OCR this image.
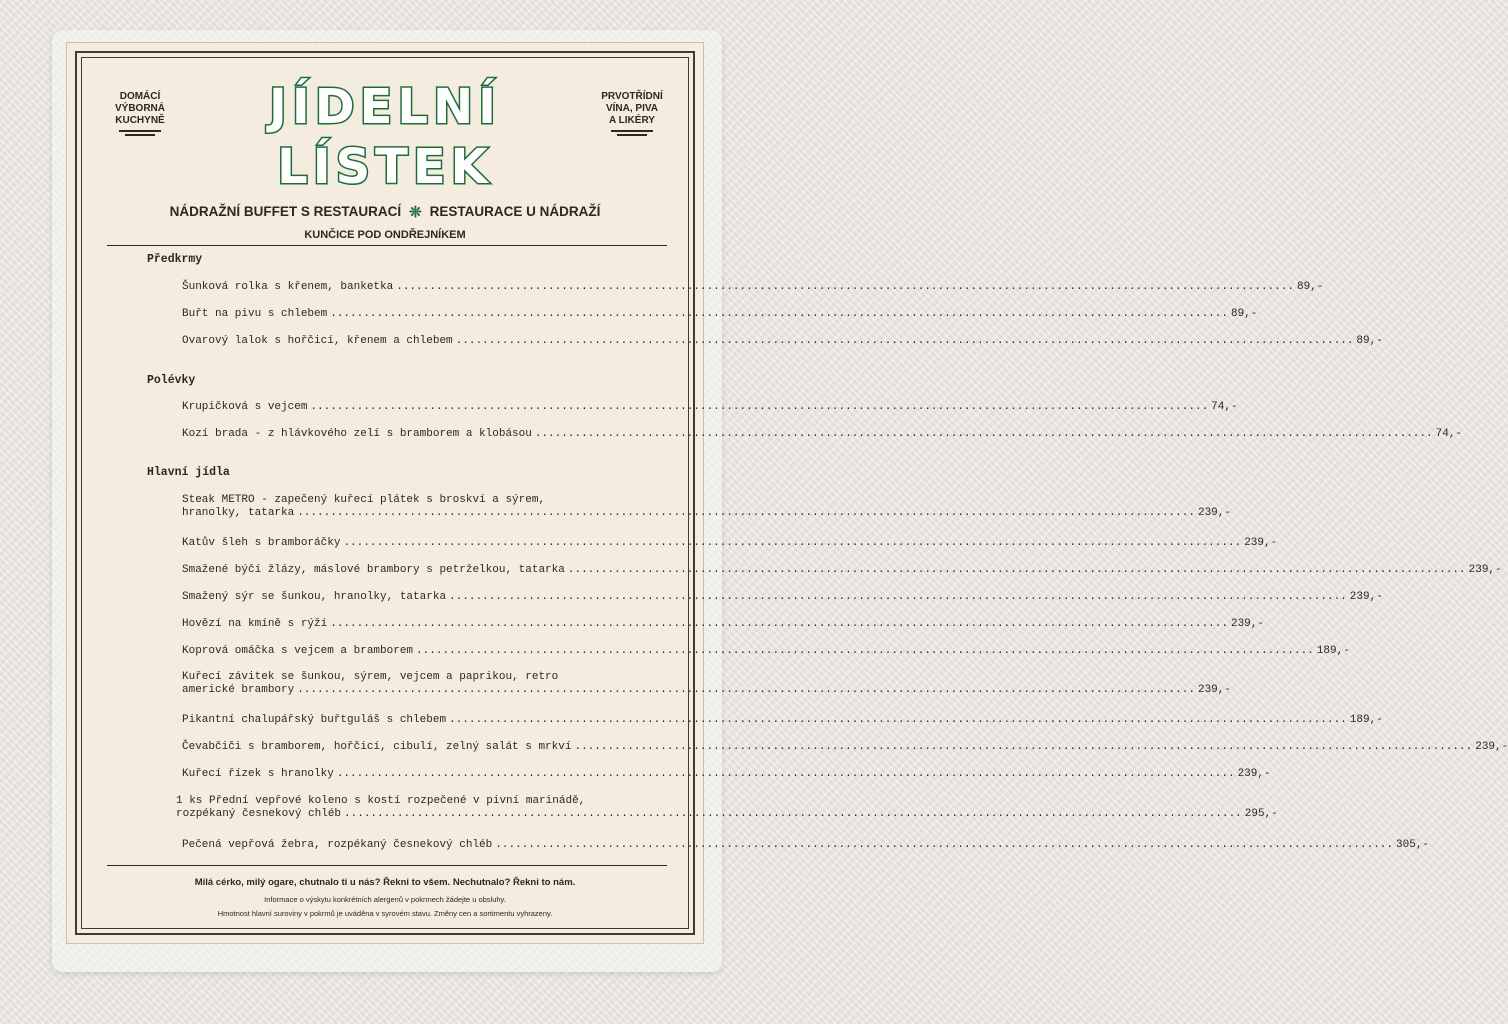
DOMÁCÍ
VÝBORNÁ
KUCHYNĚ
PRVOTŘÍDNÍ
VÍNA, PIVA
A LIKÉRY
JÍDELNÍ
LÍSTEK
NÁDRAŽNÍ BUFFET S RESTAURACÍ ❊ RESTAURACE U NÁDRAŽÍ
KUNČICE POD ONDŘEJNÍKEM
Předkrmy
Šunková rolka s křenem, banketka .....	89,-
Buřt na pivu s chlebem .....	89,-
Ovarový lalok s hořčicí, křenem a chlebem .....	89,-
Polévky
Krupičková s vejcem .....	74,-
Kozí brada - z hlávkového zelí s bramborem a klobásou .....	74,-
Hlavní jídla
Steak METRO - zapečený kuřecí plátek s broskví a sýrem,
hranolky, tatarka .....	239,-
Katův šleh s bramboráčky .....	239,-
Smažené býčí žlázy, máslové brambory s petrželkou, tatarka .....	239,-
Smažený sýr se šunkou, hranolky, tatarka .....	239,-
Hovězí na kmíně s rýží .....	239,-
Koprová omáčka s vejcem a bramborem .....	189,-
Kuřecí závitek se šunkou, sýrem, vejcem a paprikou, retro
americké brambory .....	239,-
Pikantní chalupářský buřtguláš s chlebem .....	189,-
Čevabčiči s bramborem, hořčicí, cibulí, zelný salát s mrkví .....	239,-
Kuřecí řízek s hranolky .....	239,-
1 ks Přední vepřové koleno s kostí rozpečené v pivní marinádě,
rozpékaný česnekový chléb .....	295,-
Pečená vepřová žebra, rozpékaný česnekový chléb .....	305,-
Milá cérko, milý ogare, chutnalo ti u nás? Řekni to všem. Nechutnalo? Řekni to nám.
Informace o výskytu konkrétních alergenů v pokrmech žádejte u obsluhy.
Hmotnost hlavní suroviny v pokrmů je uváděna v syrovém stavu. Změny cen a sortimentu vyhrazeny.
